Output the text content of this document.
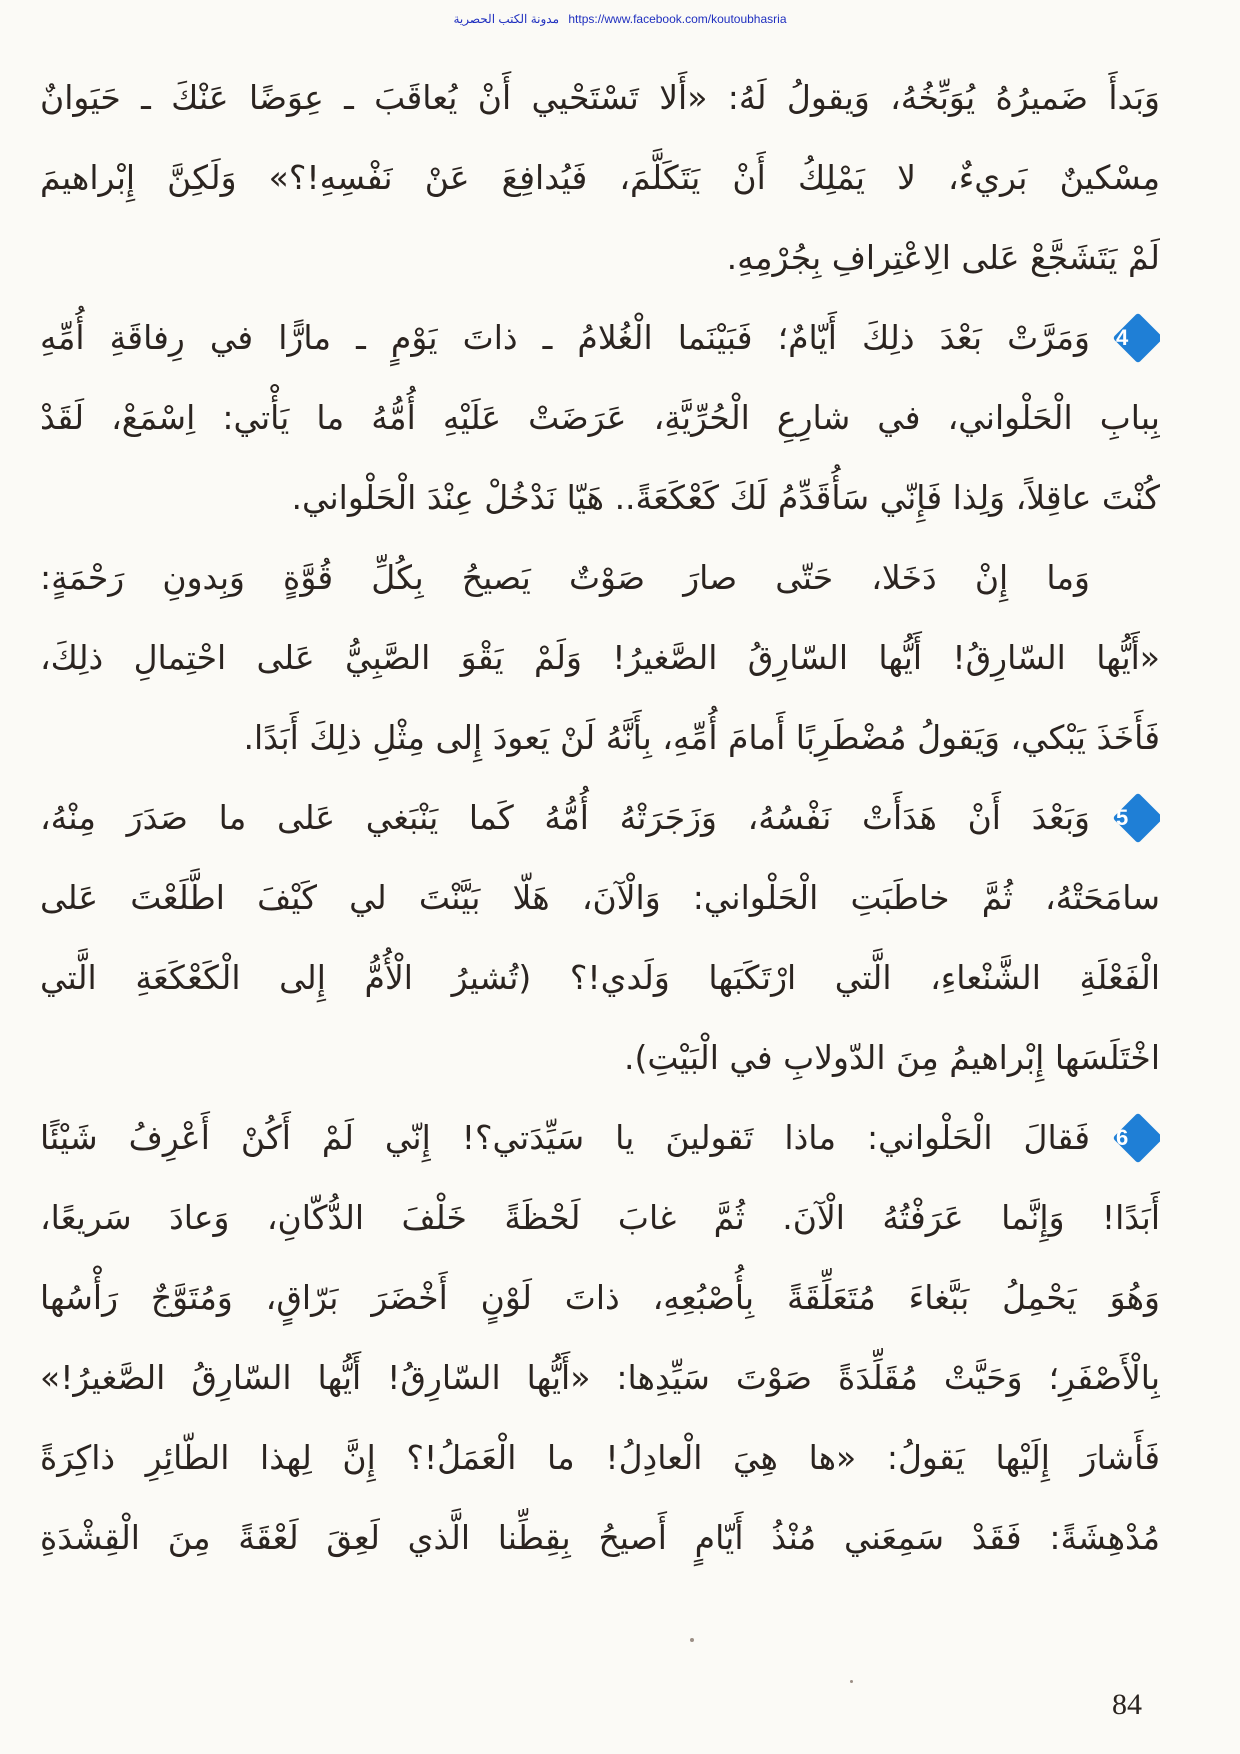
مدونة الكتب الحصرية https://www.facebook.com/koutoubhasria
وَبَدأَ ضَميرُهُ يُوَبِّخُهُ، وَيقولُ لَهُ: «أَلا تَسْتَحْيي أَنْ يُعاقَبَ ـ عِوَضًا عَنْكَ ـ حَيَوانٌ
مِسْكينٌ بَريءٌ، لا يَمْلِكُ أَنْ يَتَكَلَّمَ، فَيُدافِعَ عَنْ نَفْسِهِ!؟» وَلَكِنَّ إِبْراهيمَ
لَمْ يَتَشَجَّعْ عَلى الِاعْتِرافِ بِجُرْمِهِ.
4
وَمَرَّتْ بَعْدَ ذلِكَ أَيّامٌ؛ فَبَيْنَما الْغُلامُ ـ ذاتَ يَوْمٍ ـ مارًّا في رِفاقَةِ أُمِّهِ
بِبابِ الْحَلْواني، في شارِعِ الْحُرِّيَّةِ، عَرَضَتْ عَلَيْهِ أُمُّهُ ما يَأْتي: اِسْمَعْ، لَقَدْ
كُنْتَ عاقِلاً، وَلِذا فَإِنّي سَأُقَدِّمُ لَكَ كَعْكَعَةً.. هَيّا نَدْخُلْ عِنْدَ الْحَلْواني.
وَما إِنْ دَخَلا، حَتّى صارَ صَوْتٌ يَصيحُ بِكُلِّ قُوَّةٍ وَبِدونِ رَحْمَةٍ:
«أَيُّها السّارِقُ! أَيُّها السّارِقُ الصَّغيرُ! وَلَمْ يَقْوَ الصَّبِيُّ عَلى احْتِمالِ ذلِكَ،
فَأَخَذَ يَبْكي، وَيَقولُ مُضْطَرِبًا أَمامَ أُمِّهِ، بِأَنَّهُ لَنْ يَعودَ إِلى مِثْلِ ذلِكَ أَبَدًا.
5
وَبَعْدَ أَنْ هَدَأَتْ نَفْسُهُ، وَزَجَرَتْهُ أُمُّهُ كَما يَنْبَغي عَلى ما صَدَرَ مِنْهُ،
سامَحَتْهُ، ثُمَّ خاطَبَتِ الْحَلْواني: وَالْآنَ، هَلّا بَيَّنْتَ لي كَيْفَ اطَّلَعْتَ عَلى
الْفَعْلَةِ الشَّنْعاءِ، الَّتي ارْتَكَبَها وَلَدي!؟ (تُشيرُ الْأُمُّ إِلى الْكَعْكَعَةِ الَّتي
اخْتَلَسَها إِبْراهيمُ مِنَ الدّولابِ في الْبَيْتِ).
6
فَقالَ الْحَلْواني: ماذا تَقولينَ يا سَيِّدَتي؟! إِنّي لَمْ أَكُنْ أَعْرِفُ شَيْئًا
أَبَدًا! وَإِنَّما عَرَفْتُهُ الْآنَ. ثُمَّ غابَ لَحْظَةً خَلْفَ الدُّكّانِ، وَعادَ سَريعًا،
وَهُوَ يَحْمِلُ بَبَّغاءَ مُتَعَلِّقَةً بِأُصْبُعِهِ، ذاتَ لَوْنٍ أَخْضَرَ بَرّاقٍ، وَمُتَوَّجٌ رَأْسُها
بِالْأَصْفَرِ؛ وَحَيَّتْ مُقَلِّدَةً صَوْتَ سَيِّدِها: «أَيُّها السّارِقُ! أَيُّها السّارِقُ الصَّغيرُ!»
فَأَشارَ إِلَيْها يَقولُ: «ها هِيَ الْعادِلُ! ما الْعَمَلُ!؟ إِنَّ لِهذا الطّائِرِ ذاكِرَةً
مُدْهِشَةً: فَقَدْ سَمِعَني مُنْذُ أَيّامٍ أَصيحُ بِقِطِّنا الَّذي لَعِقَ لَعْقَةً مِنَ الْقِشْدَةِ
84
